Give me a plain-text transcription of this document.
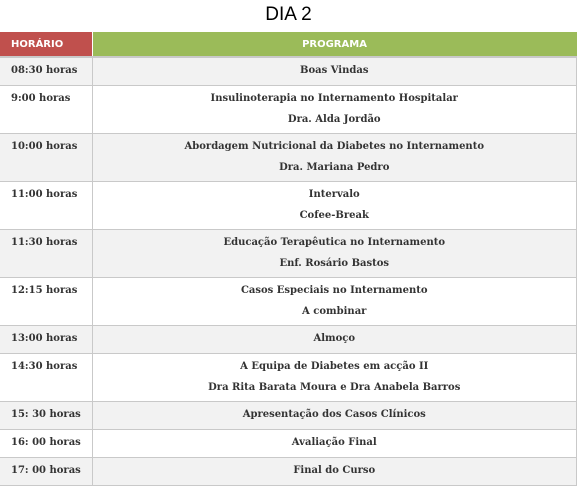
DIA 2
HORÁRIO	PROGRAMA

08:30 horas	Boas Vindas

9:00 horas	Insulinoterapia no Internamento Hospitalar
Dra. Alda Jordão

10:00 horas	Abordagem Nutricional da Diabetes no Internamento
Dra. Mariana Pedro

11:00 horas	Intervalo
Cofee-Break

11:30 horas	Educação Terapêutica no Internamento
Enf. Rosário Bastos

12:15 horas	Casos Especiais no Internamento
A combinar

13:00 horas	Almoço

14:30 horas	A Equipa de Diabetes em acção II
Dra Rita Barata Moura e Dra Anabela Barros

15: 30 horas	Apresentação dos Casos Clínicos

16: 00 horas	Avaliação Final

17: 00 horas	Final do Curso
